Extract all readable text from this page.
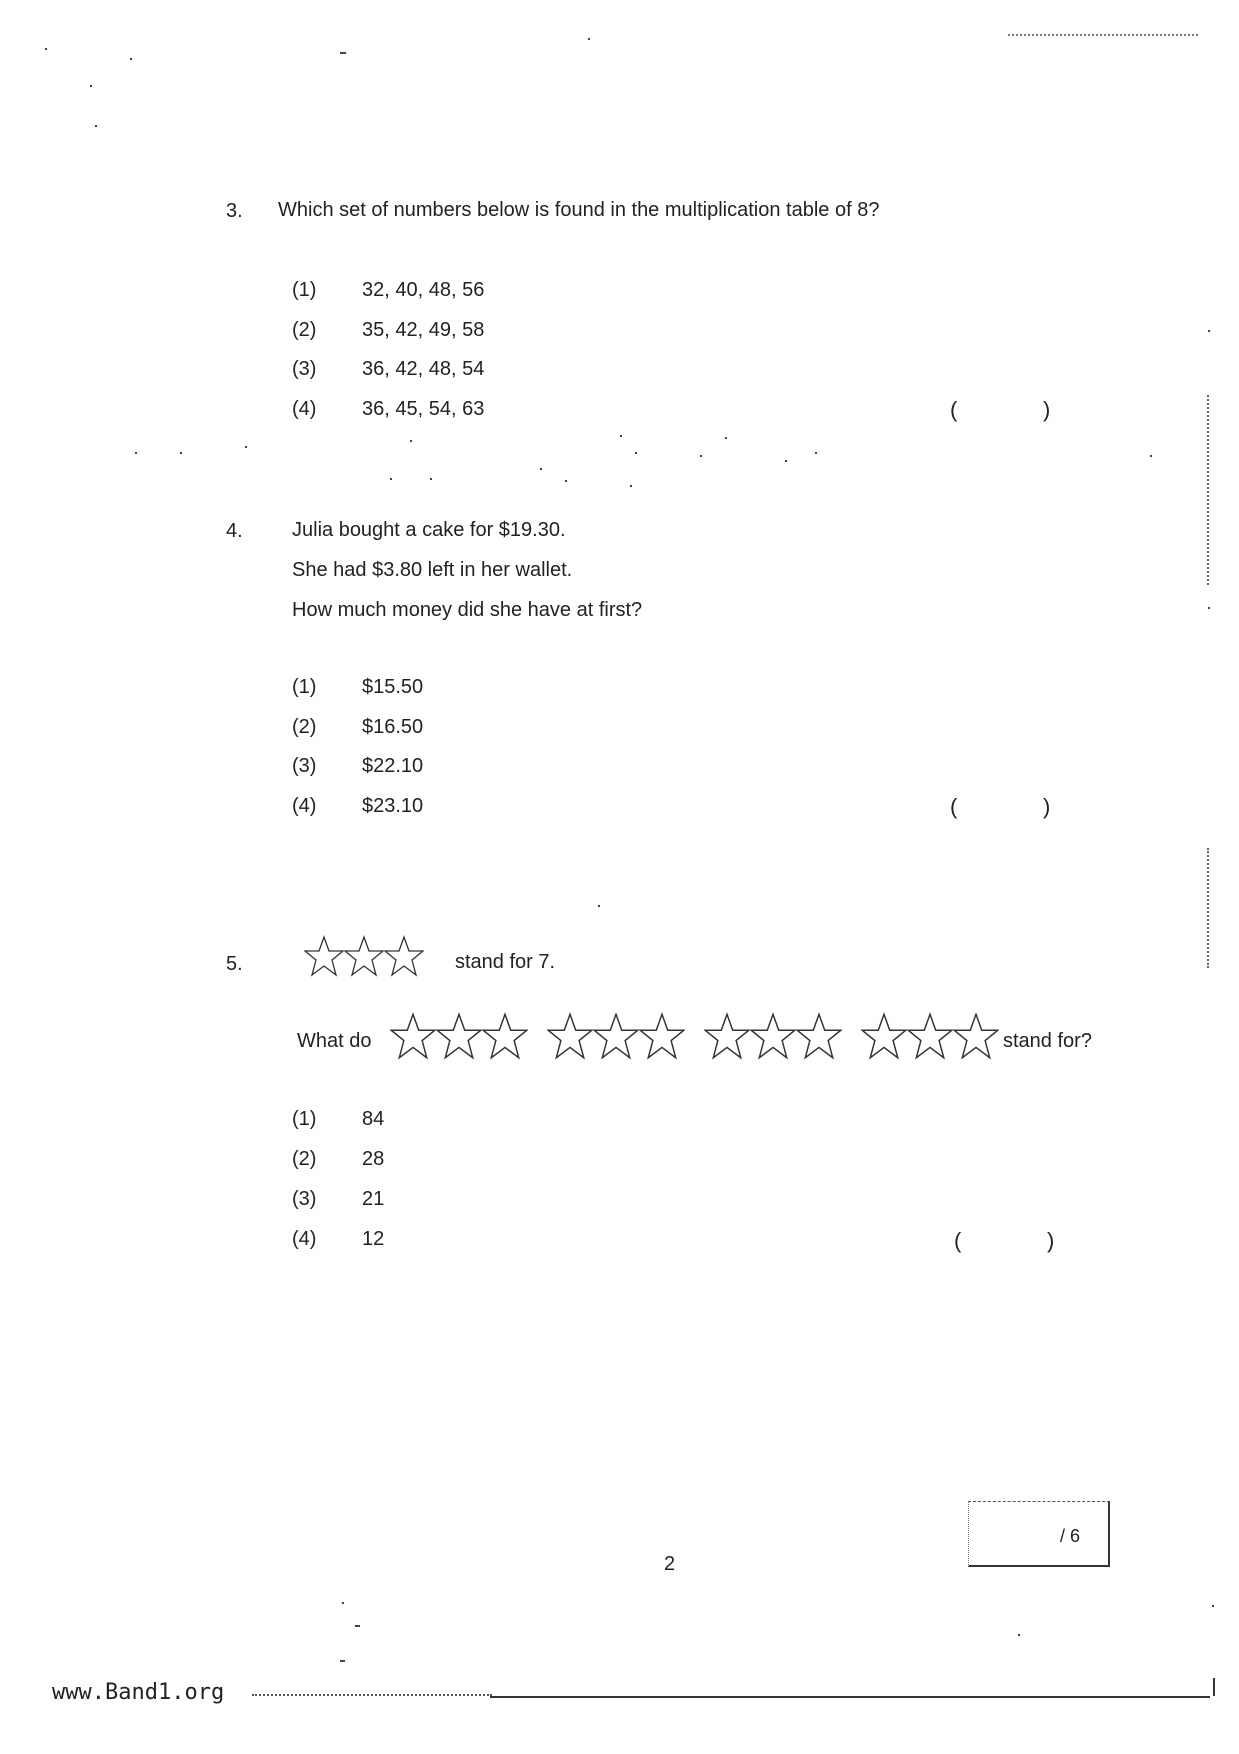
3. Which set of numbers below is found in the multiplication table of 8?
(1) 32, 40, 48, 56
(2) 35, 42, 49, 58
(3) 36, 42, 48, 54
(4) 36, 45, 54, 63	(	)
4. Julia bought a cake for $19.30.
She had $3.80 left in her wallet.
How much money did she have at first?
(1) $15.50
(2) $16.50
(3) $22.10
(4) $23.10	(	)
5.	stand for 7.
What do
	stand for?
(1) 84
(2) 28
(3) 21
(4) 12	(	)
/ 6
2
www.Band1.org
